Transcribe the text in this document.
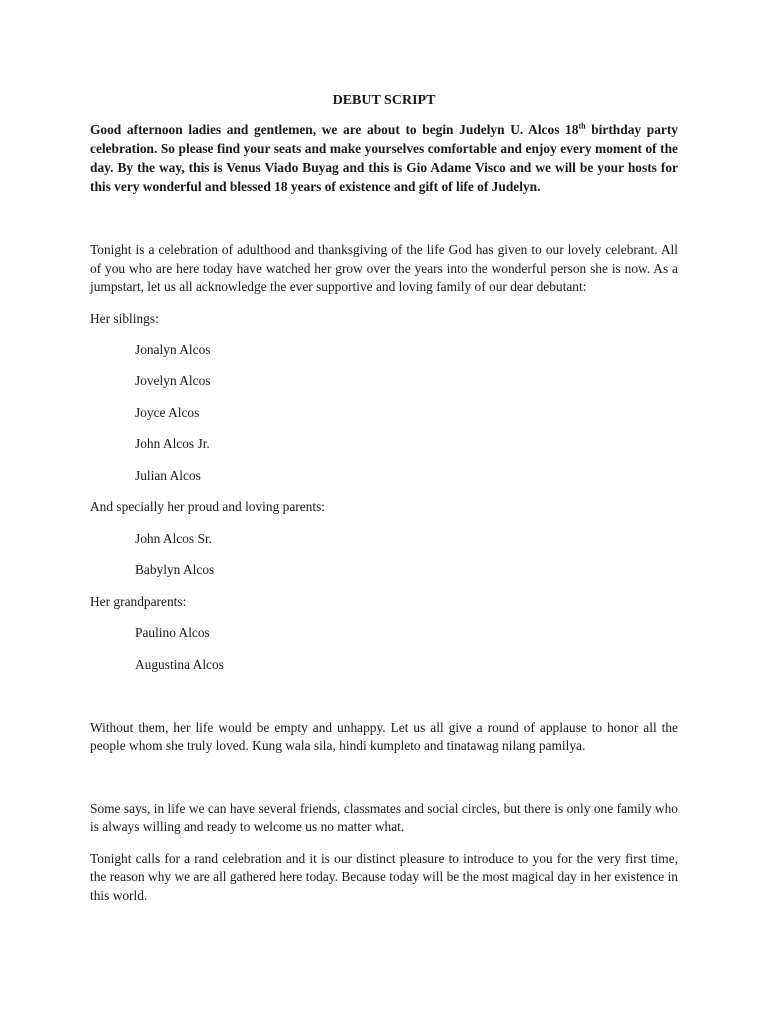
DEBUT SCRIPT

Good afternoon ladies and gentlemen, we are about to begin Judelyn U. Alcos 18th birthday party celebration. So please find your seats and make yourselves comfortable and enjoy every moment of the day. By the way, this is Venus Viado Buyag and this is Gio Adame Visco and we will be your hosts for this very wonderful and blessed 18 years of existence and gift of life of Judelyn.

Tonight is a celebration of adulthood and thanksgiving of the life God has given to our lovely celebrant. All of you who are here today have watched her grow over the years into the wonderful person she is now. As a jumpstart, let us all acknowledge the ever supportive and loving family of our dear debutant:

Her siblings:

Jonalyn Alcos

Jovelyn Alcos

Joyce Alcos

John Alcos Jr.

Julian Alcos

And specially her proud and loving parents:

John Alcos Sr.

Babylyn Alcos

Her grandparents:

Paulino Alcos

Augustina Alcos

Without them, her life would be empty and unhappy. Let us all give a round of applause to honor all the people whom she truly loved. Kung wala sila, hindi kumpleto and tinatawag nilang pamilya.

Some says, in life we can have several friends, classmates and social circles, but there is only one family who is always willing and ready to welcome us no matter what.

Tonight calls for a rand celebration and it is our distinct pleasure to introduce to you for the very first time, the reason why we are all gathered here today. Because today will be the most magical day in her existence in this world.
